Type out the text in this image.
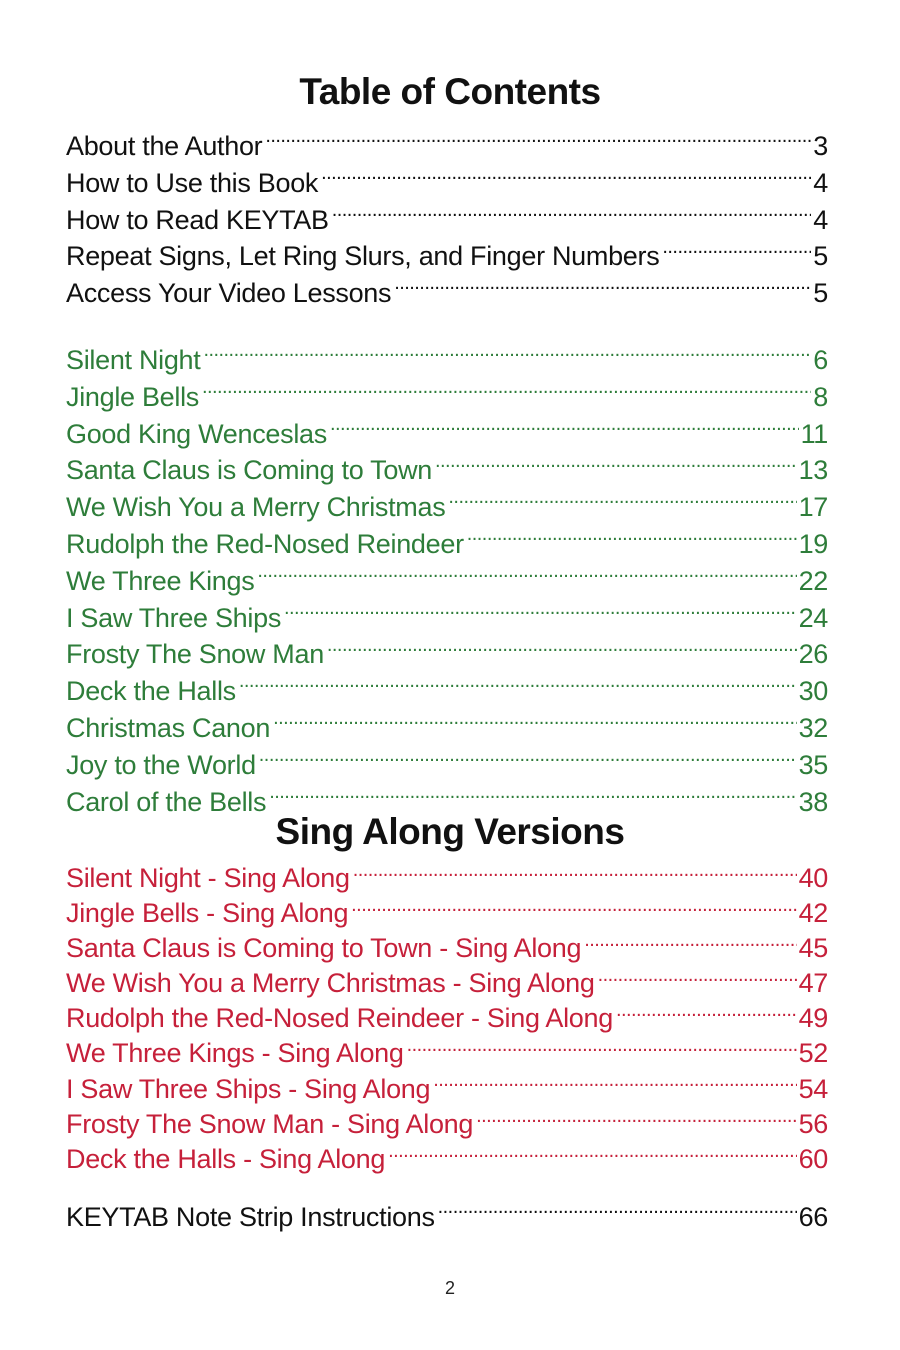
Table of Contents
About the Author . . .	3
How to Use this Book . . .	4
How to Read KEYTAB . . .	4
Repeat Signs, Let Ring Slurs, and Finger Numbers . . .	5
Access Your Video Lessons . . .	5
Silent Night . . .	6
Jingle Bells . . .	8
Good King Wenceslas . . .	11
Santa Claus is Coming to Town . . .	13
We Wish You a Merry Christmas . . .	17
Rudolph the Red-Nosed Reindeer . . .	19
We Three Kings . . .	22
I Saw Three Ships . . .	24
Frosty The Snow Man . . .	26
Deck the Halls . . .	30
Christmas Canon . . .	32
Joy to the World . . .	35
Carol of the Bells . . .	38
Sing Along Versions
Silent Night - Sing Along . . .	40
Jingle Bells - Sing Along . . .	42
Santa Claus is Coming to Town - Sing Along . . .	45
We Wish You a Merry Christmas - Sing Along . . .	47
Rudolph the Red-Nosed Reindeer - Sing Along . . .	49
We Three Kings - Sing Along . . .	52
I Saw Three Ships - Sing Along . . .	54
Frosty The Snow Man - Sing Along . . .	56
Deck the Halls - Sing Along . . .	60
KEYTAB Note Strip Instructions . . .	66
2
